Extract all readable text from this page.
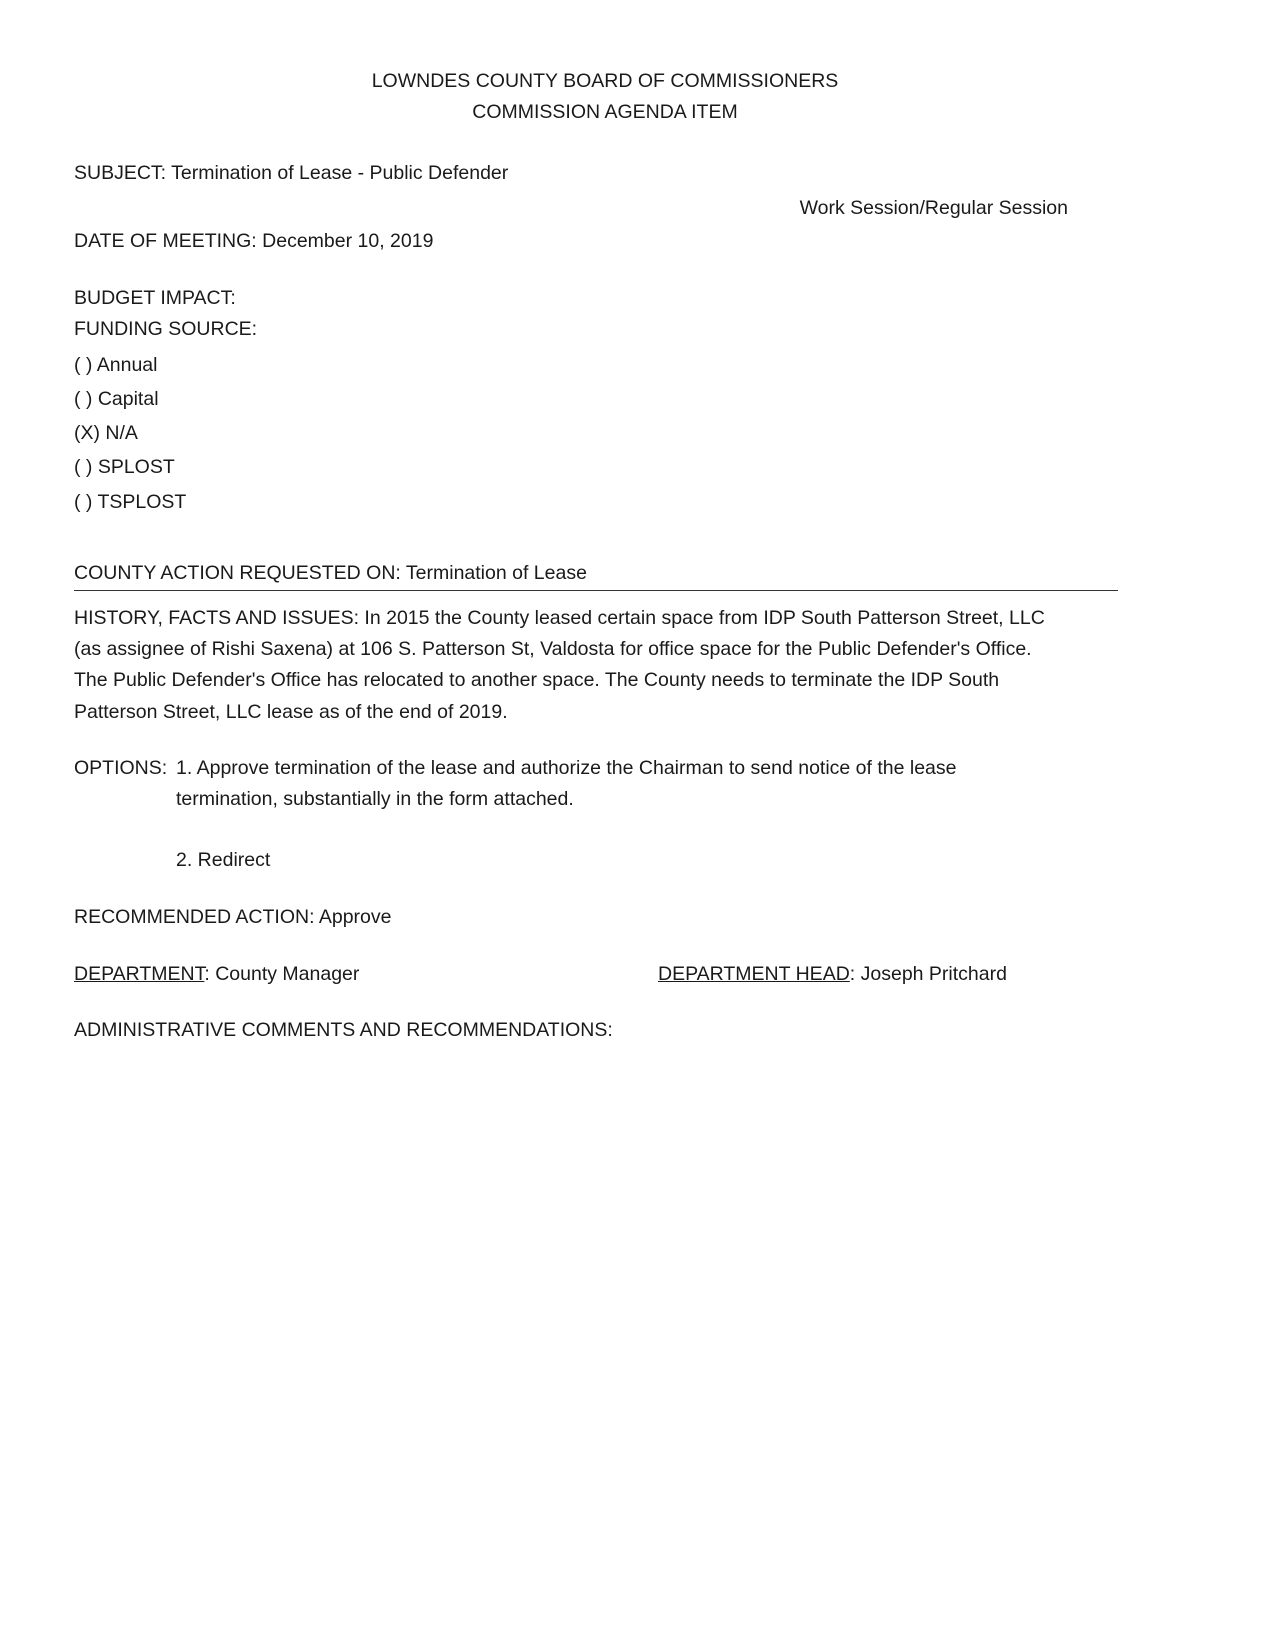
LOWNDES COUNTY BOARD OF COMMISSIONERS
COMMISSION AGENDA ITEM
SUBJECT: Termination of Lease - Public Defender
Work Session/Regular Session
DATE OF MEETING: December 10, 2019
BUDGET IMPACT:
FUNDING SOURCE:
( ) Annual
( ) Capital
(X) N/A
( ) SPLOST
( ) TSPLOST
COUNTY ACTION REQUESTED ON: Termination of Lease
HISTORY, FACTS AND ISSUES: In 2015 the County leased certain space from IDP South Patterson Street, LLC
(as assignee of Rishi Saxena) at 106 S. Patterson St, Valdosta for office space for the Public Defender's Office.
The Public Defender's Office has relocated to another space. The County needs to terminate the IDP South
Patterson Street, LLC lease as of the end of 2019.
OPTIONS: 1. Approve termination of the lease and authorize the Chairman to send notice of the lease
termination, substantially in the form attached.
2. Redirect
RECOMMENDED ACTION: Approve
DEPARTMENT: County Manager	DEPARTMENT HEAD: Joseph Pritchard
ADMINISTRATIVE COMMENTS AND RECOMMENDATIONS:
